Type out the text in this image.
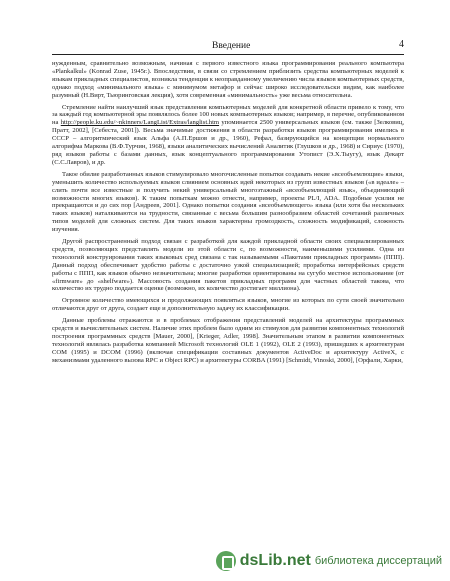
Введение	4

нужденным, сравнительно возможным, начиная с первого известного языка программирования реального компьютера «Plankalkul» (Konrad Zuse, 1945г.). Впоследствии, в связи со стремлением приблизить средства компьютерных моделей к языкам прикладных специалистов, возникла тенденция к неоправданному увеличению числа языков компьютерных средств, однако подход «минимального языка» с минимумом метафор и сейчас широко исследовательски видим, как наиболее разумный (Н.Вирт, Тьюринговская лекция), хотя современная «минимальность» уже весьма относительна.

Стремление найти наилучший язык представления компьютерных моделей для конкретной области привело к тому, что за каждый год компьютерной эры появлялось более 100 новых компьютерных языков; например, в перечне, опубликованном на http://people.ku.edu/~nkinners/LangList/Extras/langlist.htm упоминается 2500 универсальных языков (см. также [Зелковиц, Пратт, 2002], [Себеста, 2001]). Весьма значимые достижения в области разработки языков программирования имелись в СССР – алгоритмический язык Альфа (А.П.Ершов и др., 1960), Рефал, базирующийся на концепции нормального алгорифма Маркова (В.Ф.Турчин, 1968), языки аналитических вычислений Аналитик (Глушков и др., 1968) и Сириус (1970), ряд языков работы с базами данных, язык концептуального программирования Утопист (Э.Х.Тыугу), язык Декарт (С.С.Лавров), и др.

Такое обилие разработанных языков стимулировало многочисленные попытки создавать некие «всеобъемлющие» языки, уменьшить количество используемых языков слиянием основных идей некоторых из групп известных языков («в идеале» – слить почти все известные и получить некий универсальный многоэтажный «всеобъемлющий язык», объединяющий возможности многих языков). К таким попыткам можно отнести, например, проекты PL/I, ADA. Подобные усилия не прекращаются и до сих пор [Андреев, 2001]. Однако попытки создания «всеобъемлющего» языка (или хотя бы нескольких таких языков) наталкиваются на трудности, связанные с весьма большим разнообразием областей сочетаний различных типов моделей для сложных систем. Для таких языков характерны громоздкость, сложность модификаций, сложность изучения.

Другой распространенный подход связан с разработкой для каждой прикладной области своих специализированных средств, позволяющих представлять модели из этой области с, по возможности, наименьшими усилиями. Одна из технологий конструирования таких языковых сред связана с так называемыми «Пакетами прикладных программ» (ППП). Данный подход обеспечивает удобство работы с достаточно узкой специализацией; проработка интерфейсных средств работы с ППП, как языков обычно незначительна; многие разработки ориентированы на сугубо местное использование (от «firmware» до «shelfware»). Массовость создания пакетов прикладных программ для частных областей такова, что количество их трудно поддается оценке (возможно, их количество достигает миллиона).

Огромное количество имеющихся и продолжающих появляться языков, многие из которых по сути своей значительно отличаются друг от друга, создает еще и дополнительную задачу их классификации.

Данные проблемы отражаются и в проблемах отображения представлений моделей на архитектуры программных средств и вычислительных систем. Наличие этих проблем было одним из стимулов для развития компонентных технологий построения программных средств [Mauer, 2000], [Krieger, Adler, 1998]. Значительным этапом в развитии компонентных технологий являлась разработка компанией Microsoft технологий OLE 1 (1992), OLE 2 (1993), пришедших к архитектурам COM (1995) и DCOM (1996) (включая спецификации составных документов ActiveDoc и архитектуру ActiveX, с механизмами удаленного вызова RPC и Object RPC) и архитектуры CORBA (1991) [Schmidt, Vinoski, 2000], [Орфали, Харки,

dsLib.net библиотека диссертаций
